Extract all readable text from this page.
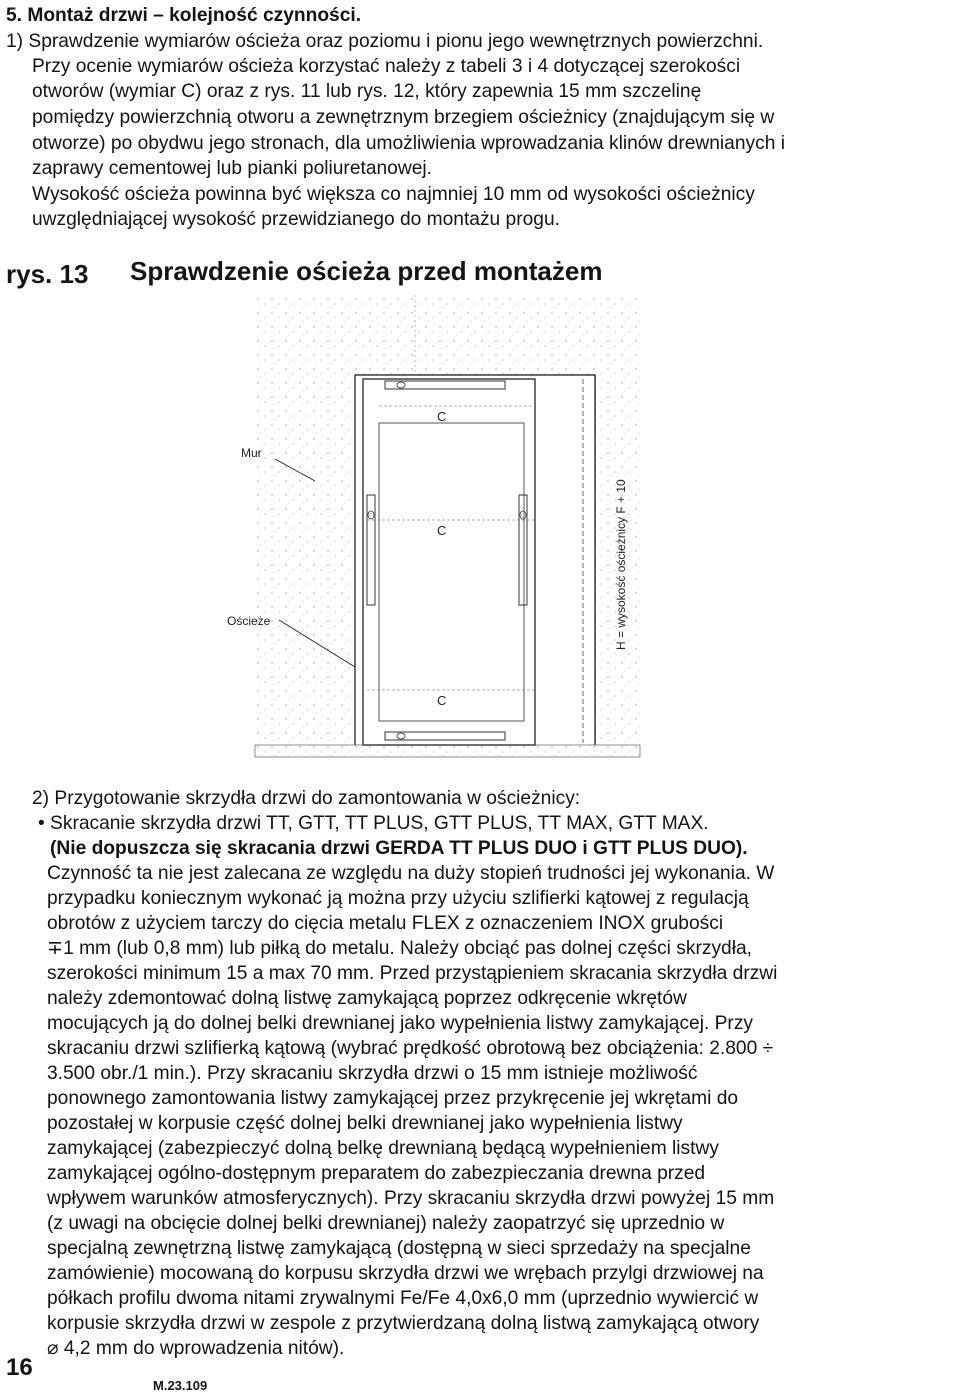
5. Montaż drzwi – kolejność czynności.
1) Sprawdzenie wymiarów ościeża oraz poziomu i pionu jego wewnętrznych powierzchni.
Przy ocenie wymiarów ościeża korzystać należy z tabeli 3 i 4 dotyczącej szerokości
otworów (wymiar C) oraz z rys. 11 lub rys. 12, który zapewnia 15 mm szczelinę
pomiędzy powierzchnią otworu a zewnętrznym brzegiem ościeżnicy (znajdującym się w
otworze) po obydwu jego stronach, dla umożliwienia wprowadzania klinów drewnianych i
zaprawy cementowej lub pianki poliuretanowej.
Wysokość ościeża powinna być większa co najmniej 10 mm od wysokości ościeżnicy
uwzględniającej wysokość przewidzianego do montażu progu.
rys. 13 Sprawdzenie ościeża przed montażem
Mur
Ościeże
C
C
C
H = wysokość ościeżnicy F + 10
2) Przygotowanie skrzydła drzwi do zamontowania w ościeżnicy:
• Skracanie skrzydła drzwi TT, GTT, TT PLUS, GTT PLUS, TT MAX, GTT MAX.
(Nie dopuszcza się skracania drzwi GERDA TT PLUS DUO i GTT PLUS DUO).
Czynność ta nie jest zalecana ze względu na duży stopień trudności jej wykonania. W
przypadku koniecznym wykonać ją można przy użyciu szlifierki kątowej z regulacją
obrotów z użyciem tarczy do cięcia metalu FLEX z oznaczeniem INOX grubości
∓1 mm (lub 0,8 mm) lub piłką do metalu. Należy obciąć pas dolnej części skrzydła,
szerokości minimum 15 a max 70 mm. Przed przystąpieniem skracania skrzydła drzwi
należy zdemontować dolną listwę zamykającą poprzez odkręcenie wkrętów
mocujących ją do dolnej belki drewnianej jako wypełnienia listwy zamykającej. Przy
skracaniu drzwi szlifierką kątową (wybrać prędkość obrotową bez obciążenia: 2.800 ÷
3.500 obr./1 min.). Przy skracaniu skrzydła drzwi o 15 mm istnieje możliwość
ponownego zamontowania listwy zamykającej przez przykręcenie jej wkrętami do
pozostałej w korpusie część dolnej belki drewnianej jako wypełnienia listwy
zamykającej (zabezpieczyć dolną belkę drewnianą będącą wypełnieniem listwy
zamykającej ogólno-dostępnym preparatem do zabezpieczania drewna przed
wpływem warunków atmosferycznych). Przy skracaniu skrzydła drzwi powyżej 15 mm
(z uwagi na obcięcie dolnej belki drewnianej) należy zaopatrzyć się uprzednio w
specjalną zewnętrzną listwę zamykającą (dostępną w sieci sprzedaży na specjalne
zamówienie) mocowaną do korpusu skrzydła drzwi we wrębach przylgi drzwiowej na
półkach profilu dwoma nitami zrywalnymi Fe/Fe 4,0x6,0 mm (uprzednio wywiercić w
korpusie skrzydła drzwi w zespole z przytwierdzaną dolną listwą zamykającą otwory
⌀ 4,2 mm do wprowadzenia nitów).
16
M.23.109
